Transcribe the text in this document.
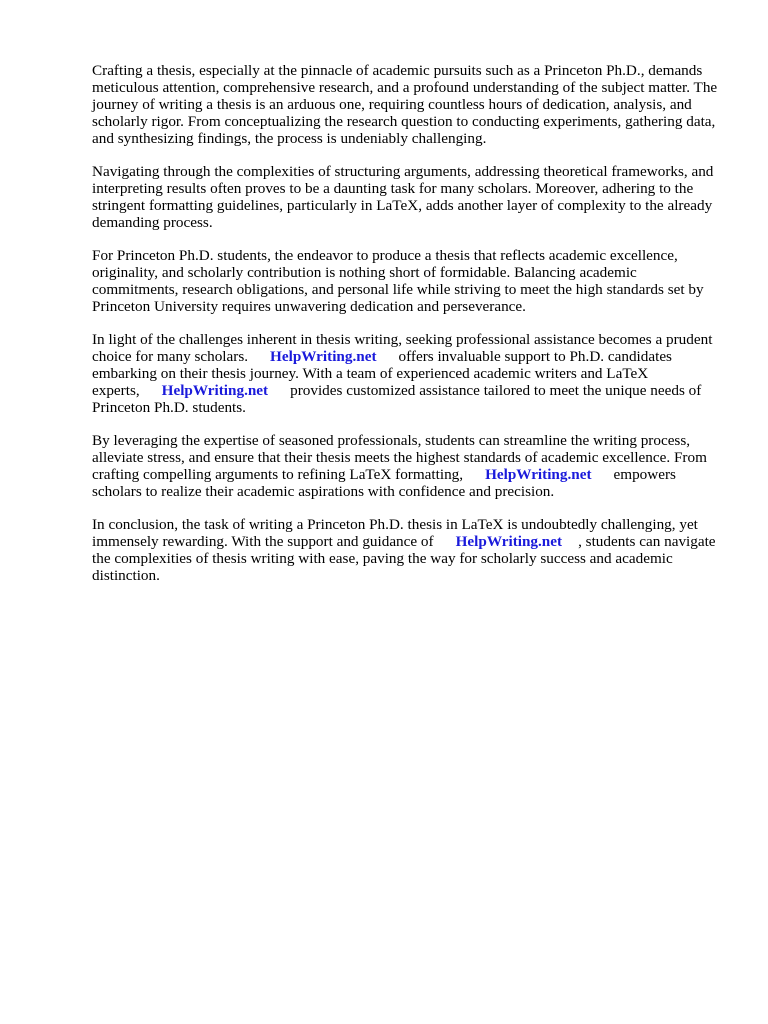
Crafting a thesis, especially at the pinnacle of academic pursuits such as a Princeton Ph.D., demands meticulous attention, comprehensive research, and a profound understanding of the subject matter. The journey of writing a thesis is an arduous one, requiring countless hours of dedication, analysis, and scholarly rigor. From conceptualizing the research question to conducting experiments, gathering data, and synthesizing findings, the process is undeniably challenging.

Navigating through the complexities of structuring arguments, addressing theoretical frameworks, and interpreting results often proves to be a daunting task for many scholars. Moreover, adhering to the stringent formatting guidelines, particularly in LaTeX, adds another layer of complexity to the already demanding process.

For Princeton Ph.D. students, the endeavor to produce a thesis that reflects academic excellence, originality, and scholarly contribution is nothing short of formidable. Balancing academic commitments, research obligations, and personal life while striving to meet the high standards set by Princeton University requires unwavering dedication and perseverance.

In light of the challenges inherent in thesis writing, seeking professional assistance becomes a prudent choice for many scholars. HelpWriting.net offers invaluable support to Ph.D. candidates embarking on their thesis journey. With a team of experienced academic writers and LaTeX experts, HelpWriting.net provides customized assistance tailored to meet the unique needs of Princeton Ph.D. students.

By leveraging the expertise of seasoned professionals, students can streamline the writing process, alleviate stress, and ensure that their thesis meets the highest standards of academic excellence. From crafting compelling arguments to refining LaTeX formatting, HelpWriting.net empowers scholars to realize their academic aspirations with confidence and precision.

In conclusion, the task of writing a Princeton Ph.D. thesis in LaTeX is undoubtedly challenging, yet immensely rewarding. With the support and guidance of HelpWriting.net , students can navigate the complexities of thesis writing with ease, paving the way for scholarly success and academic distinction.
